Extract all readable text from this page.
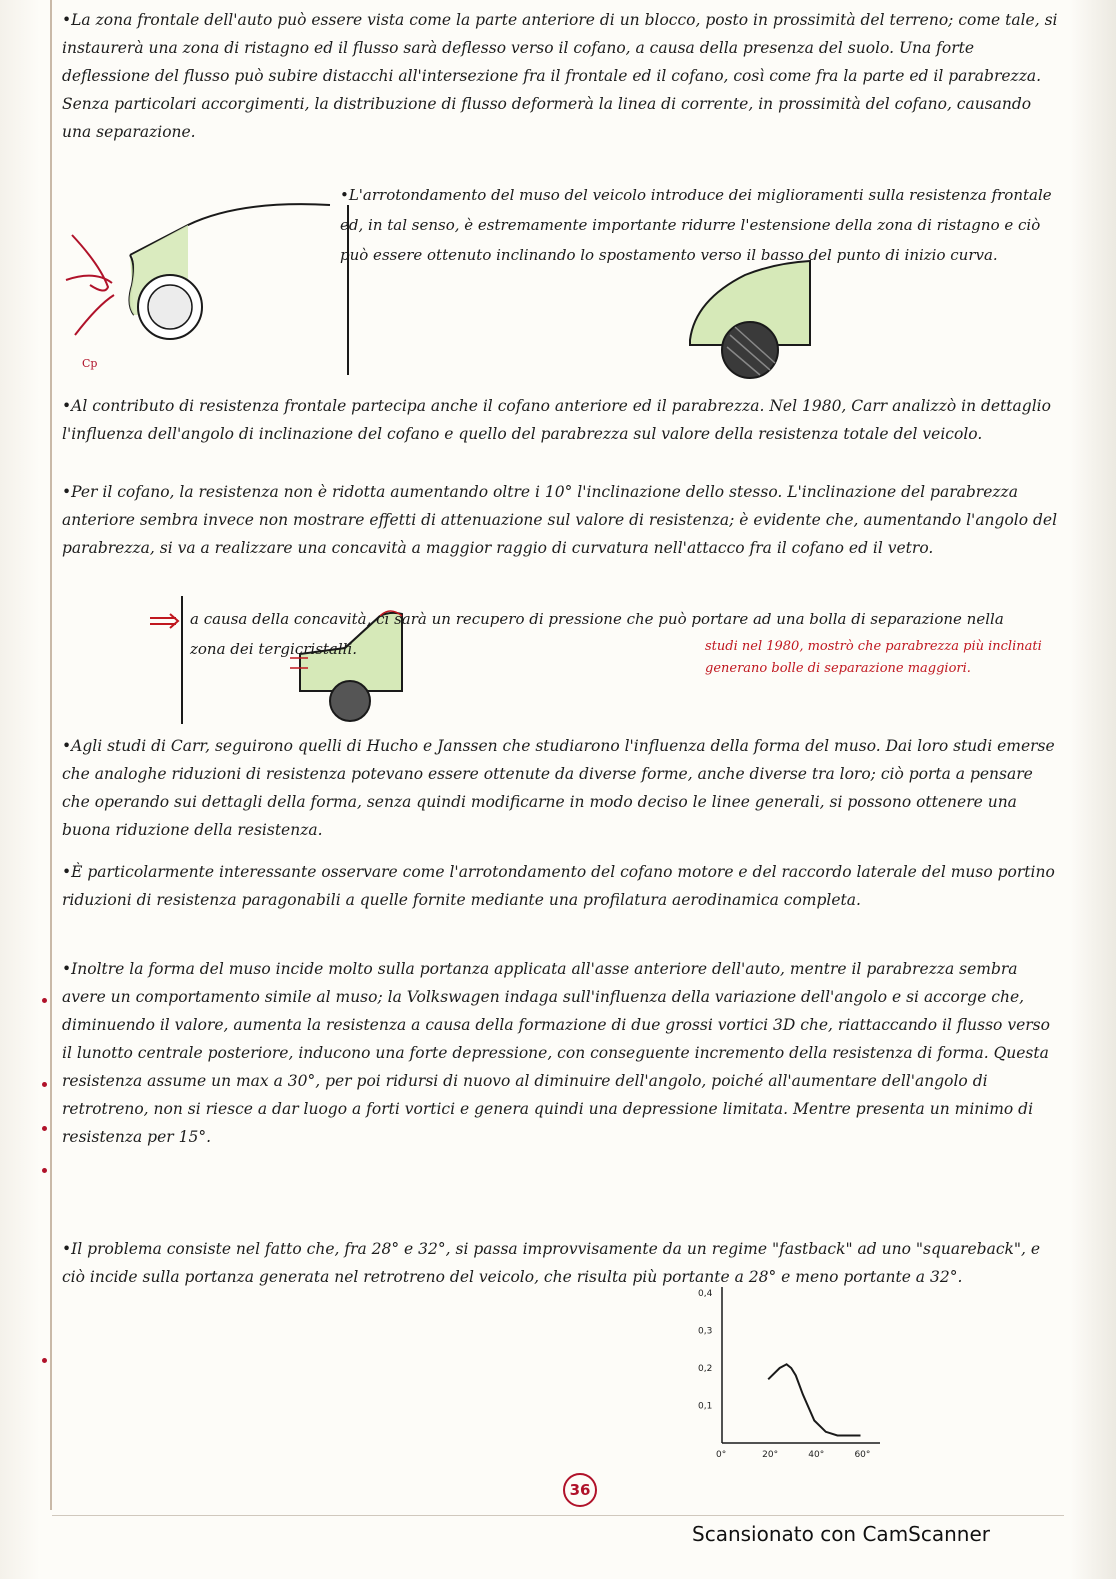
•La zona frontale dell'auto può essere vista come la parte anteriore di un blocco, posto in prossimità del terreno; come tale, si instaurerà una zona di ristagno ed il flusso sarà deflesso verso il cofano, a causa della presenza del suolo. Una forte deflessione del flusso può subire distacchi all'intersezione fra il frontale ed il cofano, così come fra la parte ed il parabrezza. Senza particolari accorgimenti, la distribuzione di flusso deformerà la linea di corrente, in prossimità del cofano, causando una separazione.
Cp
•L'arrotondamento del muso del veicolo introduce dei miglioramenti sulla resistenza frontale ed, in tal senso, è estremamente importante ridurre l'estensione della zona di ristagno e ciò può essere ottenuto inclinando lo spostamento verso il basso del punto di inizio curva.
•Al contributo di resistenza frontale partecipa anche il cofano anteriore ed il parabrezza. Nel 1980, Carr analizzò in dettaglio l'influenza dell'angolo di inclinazione del cofano e quello del parabrezza sul valore della resistenza totale del veicolo.
•Per il cofano, la resistenza non è ridotta aumentando oltre i 10° l'inclinazione dello stesso. L'inclinazione del parabrezza anteriore sembra invece non mostrare effetti di attenuazione sul valore di resistenza; è evidente che, aumentando l'angolo del parabrezza, si va a realizzare una concavità a maggior raggio di curvatura nell'attacco fra il cofano ed il vetro.
a causa della concavità, ci sarà un recupero di pressione che può portare ad una bolla di separazione nella zona dei tergicristalli.	studi nel 1980, mostrò che parabrezza più inclinati generano bolle di separazione maggiori.
•Agli studi di Carr, seguirono quelli di Hucho e Janssen che studiarono l'influenza della forma del muso. Dai loro studi emerse che analoghe riduzioni di resistenza potevano essere ottenute da diverse forme, anche diverse tra loro; ciò porta a pensare che operando sui dettagli della forma, senza quindi modificarne in modo deciso le linee generali, si possono ottenere una buona riduzione della resistenza.
•È particolarmente interessante osservare come l'arrotondamento del cofano motore e del raccordo laterale del muso portino riduzioni di resistenza paragonabili a quelle fornite mediante una profilatura aerodinamica completa.
•Inoltre la forma del muso incide molto sulla portanza applicata all'asse anteriore dell'auto, mentre il parabrezza sembra avere un comportamento simile al muso; la Volkswagen indaga sull'influenza della variazione dell'angolo e si accorge che, diminuendo il valore, aumenta la resistenza a causa della formazione di due grossi vortici 3D che, riattaccando il flusso verso il lunotto centrale posteriore, inducono una forte depressione, con conseguente incremento della resistenza di forma. Questa resistenza assume un max a 30°, per poi ridursi di nuovo al diminuire dell'angolo, poiché all'aumentare dell'angolo di retrotreno, non si riesce a dar luogo a forti vortici e genera quindi una depressione limitata. Mentre presenta un minimo di resistenza per 15°.
•Il problema consiste nel fatto che, fra 28° e 32°, si passa improvvisamente da un regime "fastback" ad uno "squareback", e ciò incide sulla portanza generata nel retrotreno del veicolo, che risulta più portante a 28° e meno portante a 32°.
0,1
0,2
0,3
0,4
0°	20°	40°	60°
36
Scansionato con CamScanner
